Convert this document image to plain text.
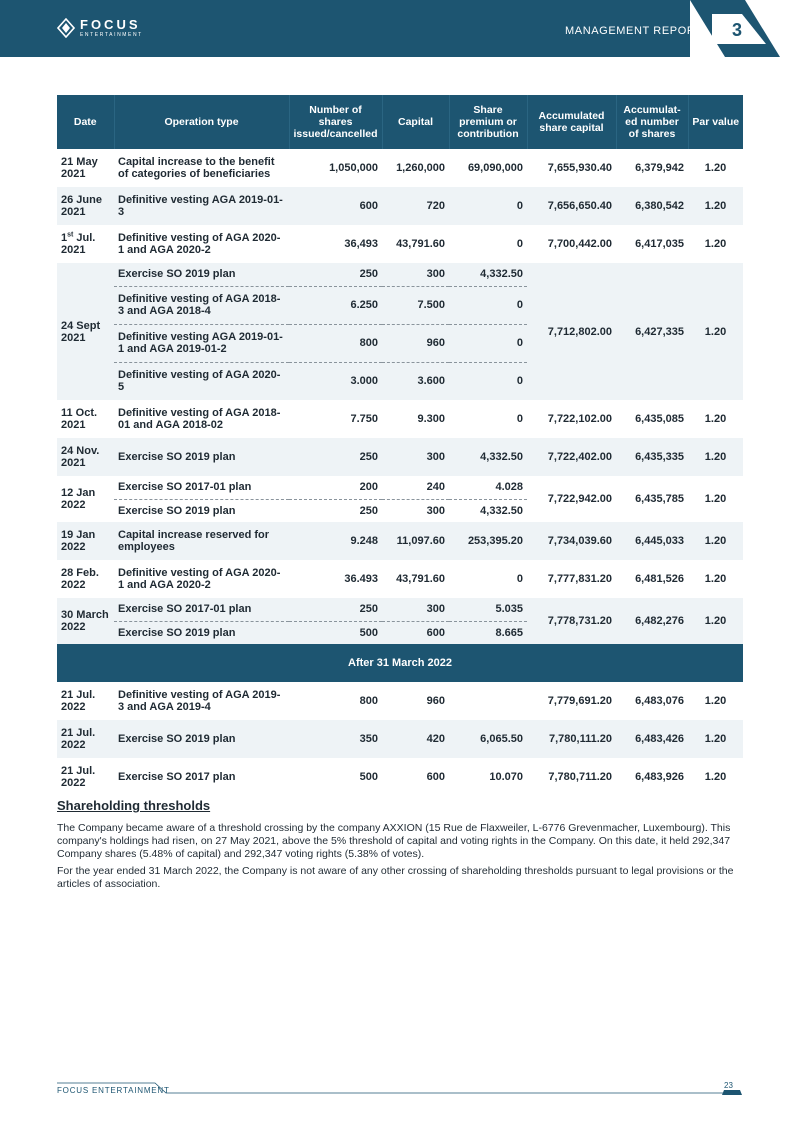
FOCUS
ENTERTAINMENT	MANAGEMENT REPORT 3
Date	Operation type	Number of shares issued/cancelled	Capital	Share premium or contribution	Accumulated share capital	Accumulat-ed number of shares	Par value
21 May 2021	Capital increase to the benefit of categories of beneficiaries	1,050,000	1,260,000	69,090,000	7,655,930.40	6,379,942	1.20
26 June 2021	Definitive vesting AGA 2019-01-3	600	720	0	7,656,650.40	6,380,542	1.20
1st Jul. 2021	Definitive vesting of AGA 2020-1 and AGA 2020-2	36,493	43,791.60	0	7,700,442.00	6,417,035	1.20
24 Sept 2021	Exercise SO 2019 plan	250	300	4,332.50	7,712,802.00	6,427,335	1.20
	Definitive vesting of AGA 2018-3 and AGA 2018-4	6.250	7.500	0			
	Definitive vesting AGA 2019-01-1 and AGA 2019-01-2	800	960	0			
	Definitive vesting of AGA 2020-5	3.000	3.600	0			
11 Oct. 2021	Definitive vesting of AGA 2018-01 and AGA 2018-02	7.750	9.300	0	7,722,102.00	6,435,085	1.20
24 Nov. 2021	Exercise SO 2019 plan	250	300	4,332.50	7,722,402.00	6,435,335	1.20
12 Jan 2022	Exercise SO 2017-01 plan	200	240	4.028	7,722,942.00	6,435,785	1.20
	Exercise SO 2019 plan	250	300	4,332.50			
19 Jan 2022	Capital increase reserved for employees	9.248	11,097.60	253,395.20	7,734,039.60	6,445,033	1.20
28 Feb. 2022	Definitive vesting of AGA 2020-1 and AGA 2020-2	36.493	43,791.60	0	7,777,831.20	6,481,526	1.20
30 March 2022	Exercise SO 2017-01 plan	250	300	5.035	7,778,731.20	6,482,276	1.20
	Exercise SO 2019 plan	500	600	8.665			
After 31 March 2022							
21 Jul. 2022	Definitive vesting of AGA 2019-3 and AGA 2019-4	800	960		7,779,691.20	6,483,076	1.20
21 Jul. 2022	Exercise SO 2019 plan	350	420	6,065.50	7,780,111.20	6,483,426	1.20
21 Jul. 2022	Exercise SO 2017 plan	500	600	10.070	7,780,711.20	6,483,926	1.20
Shareholding thresholds

The Company became aware of a threshold crossing by the company AXXION (15 Rue de Flaxweiler, L-6776 Grevenmacher, Luxembourg). This company's holdings had risen, on 27 May 2021, above the 5% threshold of capital and voting rights in the Company. On this date, it held 292,347 Company shares (5.48% of capital) and 292,347 voting rights (5.38% of votes).

For the year ended 31 March 2022, the Company is not aware of any other crossing of shareholding thresholds pursuant to legal provisions or the articles of association.

FOCUS ENTERTAINMENT
23
